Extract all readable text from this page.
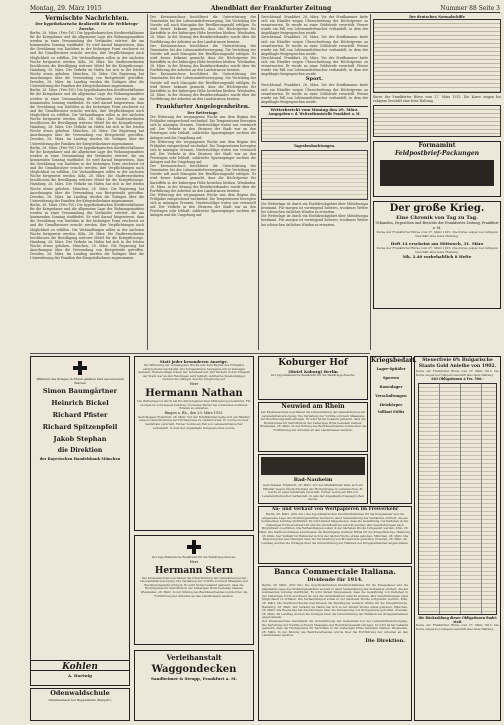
Montag, 29. März 1915	Abendblatt der Frankfurter Zeitung	Nummer 88 Seite 3
Vermischte Nachrichten.
Der hypothekarische Realkredit für die Weltkriegs-Zwecke.
Berlin, 28. März. (Priv.-Tel.) Die hypothekarischen Kreditverhältnisse für die Kriegsdauer und die allgemeine Lage des Wohnungsmarktes werden in einer Versammlung des Verbandes erörtert, die am kommenden Sonntag stattfindet. Es wird darauf hingewiesen, dass die Gewährung von Darlehen in der bisherigen Form erschwert ist und die Grundbesitzer ersucht werden, ihre Verpflichtungen nach Möglichkeit zu erfüllen. Die Verhandlungen sollen in der nächsten Woche fortgesetzt werden. Köln, 28. März. Die Stadtverordneten beschlossen die Bewilligung weiterer Mittel für die Kriegsfürsorge. Hamburg, 28. März. Der Verkehr im Hafen hat sich in der letzten Woche etwas gehoben. München, 28. März. Die Regierung hat Anordnungen über die Verwendung von Brotgetreide getroffen. Dresden, 28. März. Im Landtag wurden die Vorlagen über die Unterstützung der Familien der Kriegsteilnehmer angenommen.
Berlin, 28. März. (Priv.-Tel.) Die hypothekarischen Kreditverhältnisse für die Kriegsdauer und die allgemeine Lage des Wohnungsmarktes werden in einer Versammlung des Verbandes erörtert, die am kommenden Sonntag stattfindet. Es wird darauf hingewiesen, dass die Gewährung von Darlehen in der bisherigen Form erschwert ist und die Grundbesitzer ersucht werden, ihre Verpflichtungen nach Möglichkeit zu erfüllen. Die Verhandlungen sollen in der nächsten Woche fortgesetzt werden. Köln, 28. März. Die Stadtverordneten beschlossen die Bewilligung weiterer Mittel für die Kriegsfürsorge. Hamburg, 28. März. Der Verkehr im Hafen hat sich in der letzten Woche etwas gehoben. München, 28. März. Die Regierung hat Anordnungen über die Verwendung von Brotgetreide getroffen. Dresden, 28. März. Im Landtag wurden die Vorlagen über die Unterstützung der Familien der Kriegsteilnehmer angenommen.
Berlin, 28. März. (Priv.-Tel.) Die hypothekarischen Kreditverhältnisse für die Kriegsdauer und die allgemeine Lage des Wohnungsmarktes werden in einer Versammlung des Verbandes erörtert, die am kommenden Sonntag stattfindet. Es wird darauf hingewiesen, dass die Gewährung von Darlehen in der bisherigen Form erschwert ist und die Grundbesitzer ersucht werden, ihre Verpflichtungen nach Möglichkeit zu erfüllen. Die Verhandlungen sollen in der nächsten Woche fortgesetzt werden. Köln, 28. März. Die Stadtverordneten beschlossen die Bewilligung weiterer Mittel für die Kriegsfürsorge. Hamburg, 28. März. Der Verkehr im Hafen hat sich in der letzten Woche etwas gehoben. München, 28. März. Die Regierung hat Anordnungen über die Verwendung von Brotgetreide getroffen. Dresden, 28. März. Im Landtag wurden die Vorlagen über die Unterstützung der Familien der Kriegsteilnehmer angenommen.
Berlin, 28. März. (Priv.-Tel.) Die hypothekarischen Kreditverhältnisse für die Kriegsdauer und die allgemeine Lage des Wohnungsmarktes werden in einer Versammlung des Verbandes erörtert, die am kommenden Sonntag stattfindet. Es wird darauf hingewiesen, dass die Gewährung von Darlehen in der bisherigen Form erschwert ist und die Grundbesitzer ersucht werden, ihre Verpflichtungen nach Möglichkeit zu erfüllen. Die Verhandlungen sollen in der nächsten Woche fortgesetzt werden. Köln, 28. März. Die Stadtverordneten beschlossen die Bewilligung weiterer Mittel für die Kriegsfürsorge. Hamburg, 28. März. Der Verkehr im Hafen hat sich in der letzten Woche etwas gehoben. München, 28. März. Die Regierung hat Anordnungen über die Verwendung von Brotgetreide getroffen. Dresden, 28. März. Im Landtag wurden die Vorlagen über die Unterstützung der Familien der Kriegsteilnehmer angenommen.
Der Kreisausschuss beschliesst die Unterstützung der Gemeinden bei der Lebensmittelversorgung. Die Verteilung der Vorräte soll nach Massgabe der Bevölkerungszahl erfolgen. Es wird ferner bekannt gemacht, dass die Höchstpreise für Kartoffeln in der bisherigen Höhe bestehen bleiben. Wiesbaden, 28. März. In der Sitzung des Bezirksverbandes wurde über die Fortführung der Arbeiten an den Landstrassen beraten.
Der Kreisausschuss beschliesst die Unterstützung der Gemeinden bei der Lebensmittelversorgung. Die Verteilung der Vorräte soll nach Massgabe der Bevölkerungszahl erfolgen. Es wird ferner bekannt gemacht, dass die Höchstpreise für Kartoffeln in der bisherigen Höhe bestehen bleiben. Wiesbaden, 28. März. In der Sitzung des Bezirksverbandes wurde über die Fortführung der Arbeiten an den Landstrassen beraten.
Der Kreisausschuss beschliesst die Unterstützung der Gemeinden bei der Lebensmittelversorgung. Die Verteilung der Vorräte soll nach Massgabe der Bevölkerungszahl erfolgen. Es wird ferner bekannt gemacht, dass die Höchstpreise für Kartoffeln in der bisherigen Höhe bestehen bleiben. Wiesbaden, 28. März. In der Sitzung des Bezirksverbandes wurde über die Fortführung der Arbeiten an den Landstrassen beraten.
Frankfurter Angelegenheiten.
Der Bettertage.
Die Witterung der vergangenen Woche war dem Beginn des Frühjahrs entsprechend wechselnd. Die Temperaturen bewegten sich in mässigen Grenzen, Niederschläge traten nur vereinzelt auf. Der Verkehr in den Strassen der Stadt war an den Feiertagen sehr lebhaft, zahlreiche Spaziergänger suchten die Anlagen und die Umgebung auf.
Die Witterung der vergangenen Woche war dem Beginn des Frühjahrs entsprechend wechselnd. Die Temperaturen bewegten sich in mässigen Grenzen, Niederschläge traten nur vereinzelt auf. Der Verkehr in den Strassen der Stadt war an den Feiertagen sehr lebhaft, zahlreiche Spaziergänger suchten die Anlagen und die Umgebung auf.
Der Kreisausschuss beschliesst die Unterstützung der Gemeinden bei der Lebensmittelversorgung. Die Verteilung der Vorräte soll nach Massgabe der Bevölkerungszahl erfolgen. Es wird ferner bekannt gemacht, dass die Höchstpreise für Kartoffeln in der bisherigen Höhe bestehen bleiben. Wiesbaden, 28. März. In der Sitzung des Bezirksverbandes wurde über die Fortführung der Arbeiten an den Landstrassen beraten.
Die Witterung der vergangenen Woche war dem Beginn des Frühjahrs entsprechend wechselnd. Die Temperaturen bewegten sich in mässigen Grenzen, Niederschläge traten nur vereinzelt auf. Der Verkehr in den Strassen der Stadt war an den Feiertagen sehr lebhaft, zahlreiche Spaziergänger suchten die Anlagen und die Umgebung auf.
Gerichtssaal. Frankfurt, 28. März. Vor der Strafkammer hatte sich ein Händler wegen Überschreitung der Höchstpreise zu verantworten. Er wurde zu einer Geldstrafe verurteilt. Ferner wurde ein Fall von Lebensmittelwucher verhandelt, in dem der Angeklagte freigesprochen wurde.
Gerichtssaal. Frankfurt, 28. März. Vor der Strafkammer hatte sich ein Händler wegen Überschreitung der Höchstpreise zu verantworten. Er wurde zu einer Geldstrafe verurteilt. Ferner wurde ein Fall von Lebensmittelwucher verhandelt, in dem der Angeklagte freigesprochen wurde.
Gerichtssaal. Frankfurt, 28. März. Vor der Strafkammer hatte sich ein Händler wegen Überschreitung der Höchstpreise zu verantworten. Er wurde zu einer Geldstrafe verurteilt. Ferner wurde ein Fall von Lebensmittelwucher verhandelt, in dem der Angeklagte freigesprochen wurde.
Sport.
Gerichtssaal. Frankfurt, 28. März. Vor der Strafkammer hatte sich ein Händler wegen Überschreitung der Höchstpreise zu verantworten. Er wurde zu einer Geldstrafe verurteilt. Ferner wurde ein Fall von Lebensmittelwucher verhandelt, in dem der Angeklagte freigesprochen wurde.
Wetterbericht vom Montag den 29. März.
Ausgegeben v. d. Wetterdienststelle Frankfurt a. M.
Tagesbeobachtungen.
Die Wetterlage ist durch ein Hochdruckgebiet über Mitteleuropa bestimmt. Für morgen ist vorwiegend heiteres, trockenes Wetter bei schwachen östlichen Winden zu erwarten.
Die Wetterlage ist durch ein Hochdruckgebiet über Mitteleuropa bestimmt. Für morgen ist vorwiegend heiteres, trockenes Wetter bei schwachen östlichen Winden zu erwarten.
Der deutschen Normalschiffe
Kurse der Frankfurter Börse vom 27. März 1915. Die Kurse zeigen bei ruhigem Geschäft eine feste Haltung.
Formamint
Feldpostbrief-Packungen
Der große Krieg.
Eine Chronik von Tag zu Tag.
Urkunden, Depeschen und Berichte der Frankfurter Zeitung, Frankfurt a. M.
Kurse der Frankfurter Börse vom 27. März 1915. Die Kurse zeigen bei ruhigem Geschäft eine feste Haltung.
Heft 14 erscheint am Mittwoch, 31. März
Kurse der Frankfurter Börse vom 27. März 1915. Die Kurse zeigen bei ruhigem Geschäft eine feste Haltung.
Mk. 2.40 vorbehaltlich 8 Hefte
Während des Krieges in Ehren gefallen sind aus unserem Betrieb
Simon Baumgärtner
Heinrich Bickel
Richard Pfister
Richard Spitzenpfeil
Jakob Stephan
die Direktion
der Bayerischen Handelsbank München
Kohlen
A. Hartwig
Odenwaldschule
Oberhambach bei Heppenheim (Bergstr.)
Statt jeder besonderen Anzeige.
Die Witterung der vergangenen Woche war dem Beginn des Frühjahrs entsprechend wechselnd. Die Temperaturen bewegten sich in mässigen Grenzen, Niederschläge traten nur vereinzelt auf. Der Verkehr in den Strassen der Stadt war an den Feiertagen sehr lebhaft, zahlreiche Spaziergänger suchten die Anlagen und die Umgebung auf.
Herr
Hermann Nathan
Die Wetterlage ist durch ein Hochdruckgebiet über Mitteleuropa bestimmt. Für morgen ist vorwiegend heiteres, trockenes Wetter bei schwachen östlichen Winden zu erwarten.
Bingen a. Rh., den 29. März 1915.
Gerichtssaal. Frankfurt, 28. März. Vor der Strafkammer hatte sich ein Händler wegen Überschreitung der Höchstpreise zu verantworten. Er wurde zu einer Geldstrafe verurteilt. Ferner wurde ein Fall von Lebensmittelwucher verhandelt, in dem der Angeklagte freigesprochen wurde.
Der hypothekarische Realkredit für die Weltkriegs-Zwecke.
Herr
Hermann Stern
Der Kreisausschuss beschliesst die Unterstützung der Gemeinden bei der Lebensmittelversorgung. Die Verteilung der Vorräte soll nach Massgabe der Bevölkerungszahl erfolgen. Es wird ferner bekannt gemacht, dass die Höchstpreise für Kartoffeln in der bisherigen Höhe bestehen bleiben. Wiesbaden, 28. März. In der Sitzung des Bezirksverbandes wurde über die Fortführung der Arbeiten an den Landstrassen beraten.
Verleihanstalt
Waggondecken
Sandheimer & Strupp, Frankfurt a. M.
Koburger Hof
(Hotel Koburg) Berlin
Der hypothekarische Realkredit für die Weltkriegs-Zwecke.
Kriegsbedarf.
Lager-Spitäler
Sperren
Rasenlager
Verschaltungen
Heizkörper
Vollhart Ettlitz
Neuwied am Rhein
Der Kreisausschuss beschliesst die Unterstützung der Gemeinden bei der Lebensmittelversorgung. Die Verteilung der Vorräte soll nach Massgabe der Bevölkerungszahl erfolgen. Es wird ferner bekannt gemacht, dass die Höchstpreise für Kartoffeln in der bisherigen Höhe bestehen bleiben. Wiesbaden, 28. März. In der Sitzung des Bezirksverbandes wurde über die Fortführung der Arbeiten an den Landstrassen beraten.
Bad-Nauheim
Gerichtssaal. Frankfurt, 28. März. Vor der Strafkammer hatte sich ein Händler wegen Überschreitung der Höchstpreise zu verantworten. Er wurde zu einer Geldstrafe verurteilt. Ferner wurde ein Fall von Lebensmittelwucher verhandelt, in dem der Angeklagte freigesprochen wurde.
An- und Verkauf von Wertpapieren im Freiverkehr
Berlin, 28. März. (Priv.-Tel.) Die hypothekarischen Kreditverhältnisse für die Kriegsdauer und die allgemeine Lage des Wohnungsmarktes werden in einer Versammlung des Verbandes erörtert, die am kommenden Sonntag stattfindet. Es wird darauf hingewiesen, dass die Gewährung von Darlehen in der bisherigen Form erschwert ist und die Grundbesitzer ersucht werden, ihre Verpflichtungen nach Möglichkeit zu erfüllen. Die Verhandlungen sollen in der nächsten Woche fortgesetzt werden. Köln, 28. März. Die Stadtverordneten beschlossen die Bewilligung weiterer Mittel für die Kriegsfürsorge. Hamburg, 28. März. Der Verkehr im Hafen hat sich in der letzten Woche etwas gehoben. München, 28. März. Die Regierung hat Anordnungen über die Verwendung von Brotgetreide getroffen. Dresden, 28. März. Im Landtag wurden die Vorlagen über die Unterstützung der Familien der Kriegsteilnehmer angenommen.
Banca Commerciale Italiana.
Dividende für 1914.
Berlin, 28. März. (Priv.-Tel.) Die hypothekarischen Kreditverhältnisse für die Kriegsdauer und die allgemeine Lage des Wohnungsmarktes werden in einer Versammlung des Verbandes erörtert, die am kommenden Sonntag stattfindet. Es wird darauf hingewiesen, dass die Gewährung von Darlehen in der bisherigen Form erschwert ist und die Grundbesitzer ersucht werden, ihre Verpflichtungen nach Möglichkeit zu erfüllen. Die Verhandlungen sollen in der nächsten Woche fortgesetzt werden. Köln, 28. März. Die Stadtverordneten beschlossen die Bewilligung weiterer Mittel für die Kriegsfürsorge. Hamburg, 28. März. Der Verkehr im Hafen hat sich in der letzten Woche etwas gehoben. München, 28. März. Die Regierung hat Anordnungen über die Verwendung von Brotgetreide getroffen. Dresden, 28. März. Im Landtag wurden die Vorlagen über die Unterstützung der Familien der Kriegsteilnehmer angenommen.
Der Kreisausschuss beschliesst die Unterstützung der Gemeinden bei der Lebensmittelversorgung. Die Verteilung der Vorräte soll nach Massgabe der Bevölkerungszahl erfolgen. Es wird ferner bekannt gemacht, dass die Höchstpreise für Kartoffeln in der bisherigen Höhe bestehen bleiben. Wiesbaden, 28. März. In der Sitzung des Bezirksverbandes wurde über die Fortführung der Arbeiten an den Landstrassen beraten.
Die Direktion.
Steuerfreie 6% Bulgarische Staats Gold Anleihe von 1902.
Kurse der Frankfurter Börse vom 27. März 1915. Die Kurse zeigen bei ruhigem Geschäft eine feste Haltung.
663 Obligationen à Frs. 500.-
Die Rückzahlung dieser Obligationen findet statt
Kurse der Frankfurter Börse vom 27. März 1915. Die Kurse zeigen bei ruhigem Geschäft eine feste Haltung.
